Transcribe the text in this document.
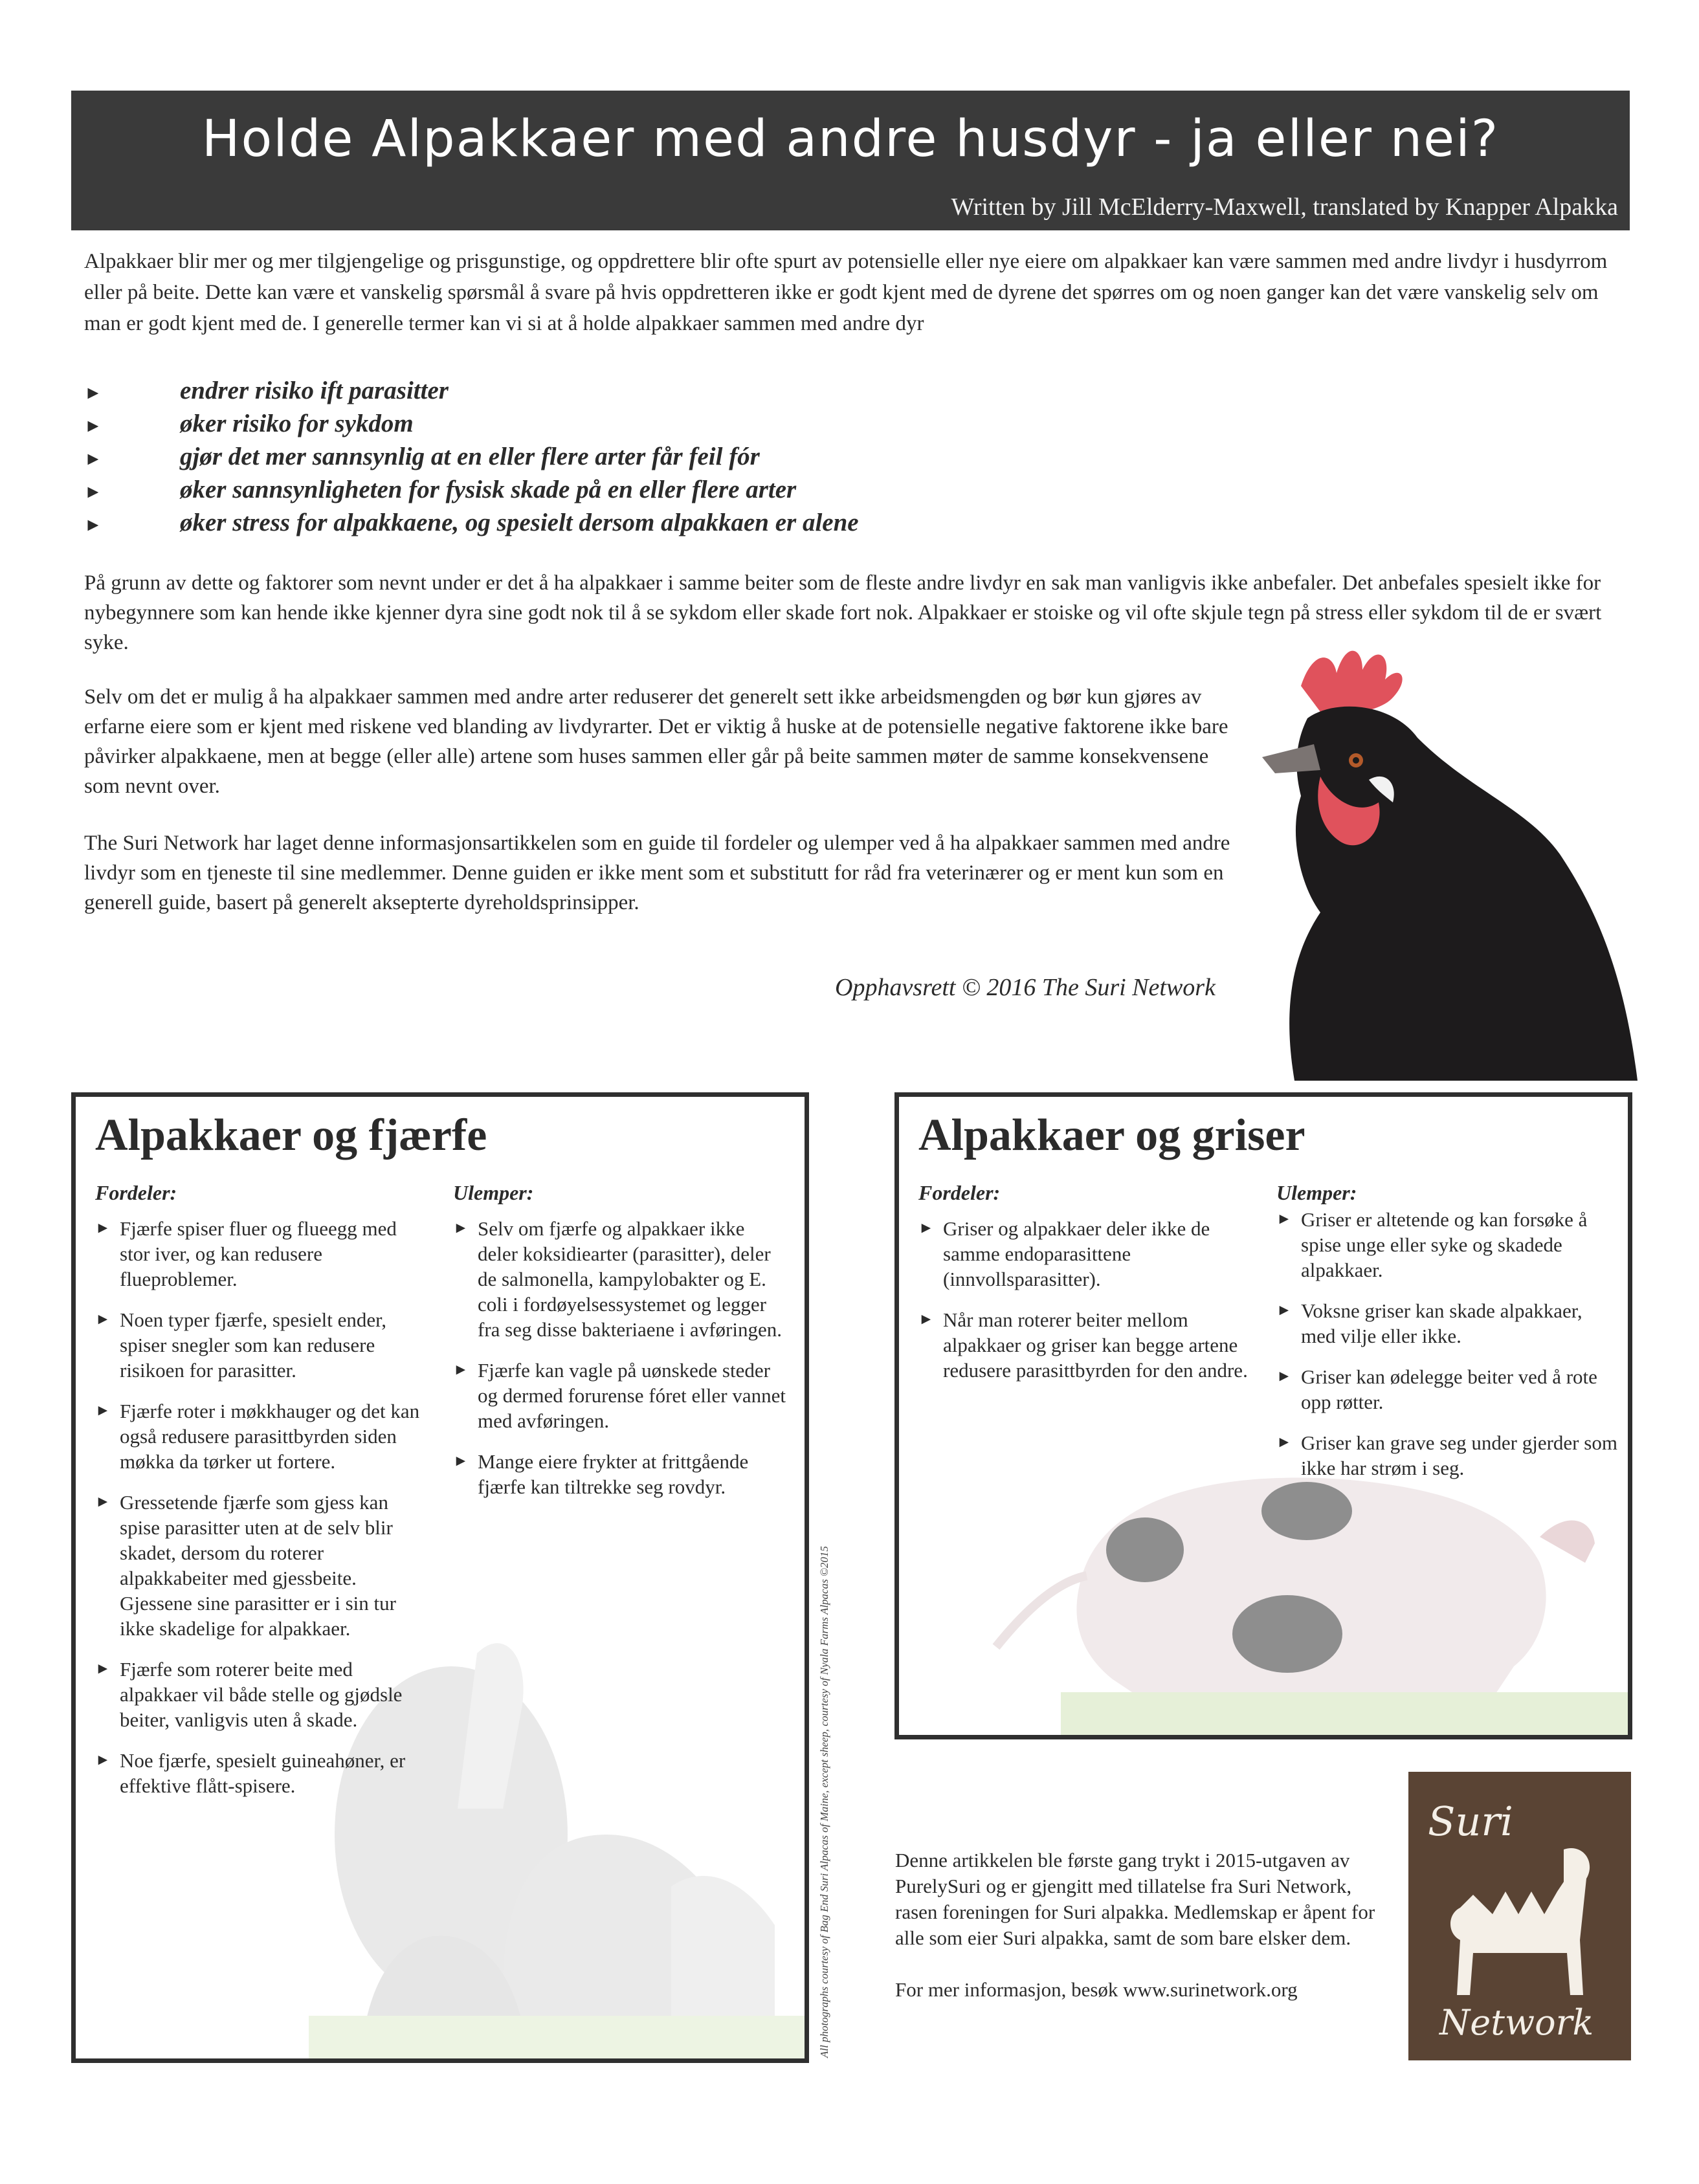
Holde Alpakkaer med andre husdyr - ja eller nei?
Written by Jill McElderry-Maxwell, translated by Knapper Alpakka

Alpakkaer blir mer og mer tilgjengelige og prisgunstige, og oppdrettere blir ofte spurt av potensielle eller nye eiere om alpakkaer kan være sammen med andre livdyr i husdyrrom eller på beite. Dette kan være et vanskelig spørsmål å svare på hvis oppdretteren ikke er godt kjent med de dyrene det spørres om og noen ganger kan det være vanskelig selv om man er godt kjent med de. I generelle termer kan vi si at å holde alpakkaer sammen med andre dyr

►	endrer risiko ift parasitter
►	øker risiko for sykdom
►	gjør det mer sannsynlig at en eller flere arter får feil fór
►	øker sannsynligheten for fysisk skade på en eller flere arter
►	øker stress for alpakkaene, og spesielt dersom alpakkaen er alene

På grunn av dette og faktorer som nevnt under er det å ha alpakkaer i samme beiter som de fleste andre livdyr en sak man vanligvis ikke anbefaler. Det anbefales spesielt ikke for nybegynnere som kan hende ikke kjenner dyra sine godt nok til å se sykdom eller skade fort nok. Alpakkaer er stoiske og vil ofte skjule tegn på stress eller sykdom til de er svært syke.

Selv om det er mulig å ha alpakkaer sammen med andre arter reduserer det generelt sett ikke arbeidsmengden og bør kun gjøres av erfarne eiere som er kjent med riskene ved blanding av livdyrarter. Det er viktig å huske at de potensielle negative faktorene ikke bare påvirker alpakkaene, men at begge (eller alle) artene som huses sammen eller går på beite sammen møter de samme konsekvensene som nevnt over.

The Suri Network har laget denne informasjonsartikkelen som en guide til fordeler og ulemper ved å ha alpakkaer sammen med andre livdyr som en tjeneste til sine medlemmer. Denne guiden er ikke ment som et substitutt for råd fra veterinærer og er ment kun som en generell guide, basert på generelt aksepterte dyreholdsprinsipper.

Opphavsrett © 2016 The Suri Network
Alpakkaer og fjærfe
Fordeler:	Ulemper:
► Fjærfe spiser fluer og flueegg med stor iver, og kan redusere flueproblemer.
► Noen typer fjærfe, spesielt ender, spiser snegler som kan redusere risikoen for parasitter.
► Fjærfe roter i møkkhauger og det kan også redusere parasittbyrden siden møkka da tørker ut fortere.
► Gressetende fjærfe som gjess kan spise parasitter uten at de selv blir skadet, dersom du roterer alpakkabeiter med gjessbeite. Gjessene sine parasitter er i sin tur ikke skadelige for alpakkaer.
► Fjærfe som roterer beite med alpakkaer vil både stelle og gjødsle beiter, vanligvis uten å skade.
► Noe fjærfe, spesielt guineahøner, er effektive flått-spisere.
► Selv om fjærfe og alpakkaer ikke deler koksidiearter (parasitter), deler de salmonella, kampylobakter og E. coli i fordøyelsessystemet og legger fra seg disse bakteriaene i avføringen.
► Fjærfe kan vagle på uønskede steder og dermed forurense fóret eller vannet med avføringen.
► Mange eiere frykter at frittgående fjærfe kan tiltrekke seg rovdyr.
All photographs courtesy of Bag End Suri Alpacas of Maine, except sheep, courtesy of Nyala Farms Alpacas ©2015
Alpakkaer og griser
Fordeler:	Ulemper:
► Griser og alpakkaer deler ikke de samme endoparasittene (innvollsparasitter).
► Når man roterer beiter mellom alpakkaer og griser kan begge artene redusere parasittbyrden for den andre.
► Griser er altetende og kan forsøke å spise unge eller syke og skadede alpakkaer.
► Voksne griser kan skade alpakkaer, med vilje eller ikke.
► Griser kan ødelegge beiter ved å rote opp røtter.
► Griser kan grave seg under gjerder som ikke har strøm i seg.
Denne artikkelen ble første gang trykt i 2015-utgaven av PurelySuri og er gjengitt med tillatelse fra Suri Network, rasen foreningen for Suri alpakka. Medlemskap er åpent for alle som eier Suri alpakka, samt de som bare elsker dem.
For mer informasjon, besøk www.surinetwork.org
Suri
Network
